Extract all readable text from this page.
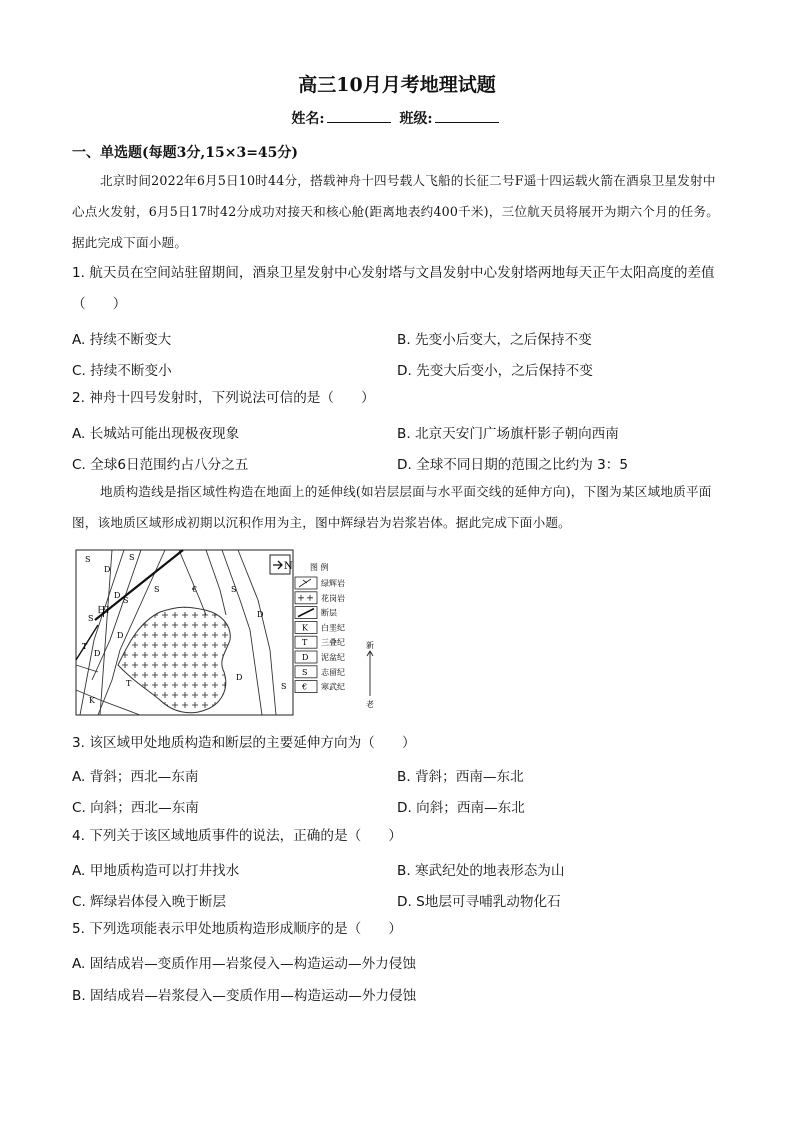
高三10月月考地理试题
姓名:	班级:
一、单选题(每题3分,15×3=45分)
北京时间2022年6月5日10时44分，搭载神舟十四号载人飞船的长征二号F遥十四运载火箭在酒泉卫星发射中心点火发射，6月5日17时42分成功对接天和核心舱(距离地表约400千米)，三位航天员将展开为期六个月的任务。据此完成下面小题。
1. 航天员在空间站驻留期间，酒泉卫星发射中心发射塔与文昌发射中心发射塔两地每天正午太阳高度的差值（　　）
A. 持续不断变大	B. 先变小后变大，之后保持不变
C. 持续不断变小	D. 先变大后变小，之后保持不变
2. 神舟十四号发射时，下列说法可信的是（　　）
A. 长城站可能出现极夜现象	B. 北京天安门广场旗杆影子朝向西南
C. 全球6日范围约占八分之五	D. 全球不同日期的范围之比约为 3：5
地质构造线是指区域性构造在地面上的延伸线(如岩层层面与水平面交线的延伸方向)，下图为某区域地质平面图，该地质区域形成初期以沉积作用为主，图中辉绿岩为岩浆岩体。据此完成下面小题。
N
甲
S
D
S
S	€	S
D
S
D
S
D
T
D
T	S
D
K
图 例
绿辉岩
花岗岩
断层
K 白垩纪
T 三叠纪
D 泥盆纪
S 志留纪
€ 寒武纪
新
老
3. 该区域甲处地质构造和断层的主要延伸方向为（　　）
A. 背斜；西北—东南	B. 背斜；西南—东北
C. 向斜；西北—东南	D. 向斜；西南—东北
4. 下列关于该区域地质事件的说法，正确的是（　　）
A. 甲地质构造可以打井找水	B. 寒武纪处的地表形态为山
C. 辉绿岩体侵入晚于断层	D. S地层可寻哺乳动物化石
5. 下列选项能表示甲处地质构造形成顺序的是（　　）
A. 固结成岩—变质作用—岩浆侵入—构造运动—外力侵蚀
B. 固结成岩—岩浆侵入—变质作用—构造运动—外力侵蚀
